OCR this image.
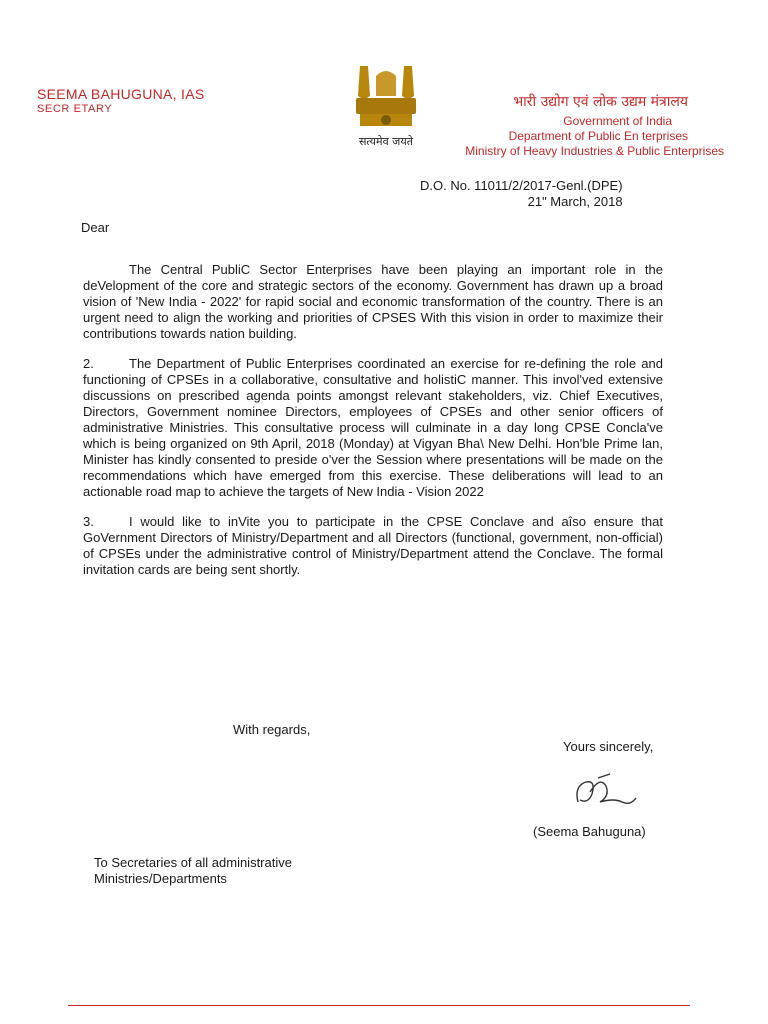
SEEMA BAHUGUNA, IAS
SECR ETARY
सत्यमेव जयते
भारी उद्योग एवं लोक उद्यम मंत्रालय
Government of India
Department of Public En terprises
Ministry of Heavy Industries & Public Enterprises
D.O. No. 11011/2/2017-Genl.(DPE)
21" March, 2018
Dear

The Central PubliC Sector Enterprises have been playing an important role in the deVelopment of the core and strategic sectors of the economy. Government has drawn up a broad vision of 'New India - 2022' for rapid social and economic transformation of the country. There is an urgent need to align the working and priorities of CPSES With this vision in order to maximize their contributions towards nation building.

2.	The Department of Public Enterprises coordinated an exercise for re-defining the role and functioning of CPSEs in a collaborative, consultative and holistiC manner. This invol'ved extensive discussions on prescribed agenda points amongst relevant stakeholders, viz. Chief Executives, Directors, Government nominee Directors, employees of CPSEs and other senior officers of administrative Ministries. This consultative process will culminate in a day long CPSE Concla've which is being organized on 9th April, 2018 (Monday) at Vigyan Bha\ New Delhi. Hon'ble Prime lan, Minister has kindly consented to preside o'ver the Session where presentations will be made on the recommendations which have emerged from this exercise. These deliberations will lead to an actionable road map to achieve the targets of New India - Vision 2022

3.	I would like to inVite you to participate in the CPSE Conclave and aîso ensure that GoVernment Directors of Ministry/Department and all Directors (functional, government, non-official) of CPSEs under the administrative control of Ministry/Department attend the Conclave. The formal invitation cards are being sent shortly.

With regards,
Yours sincerely,
(Seema Bahuguna)
To Secretaries of all administrative
Ministries/Departments
